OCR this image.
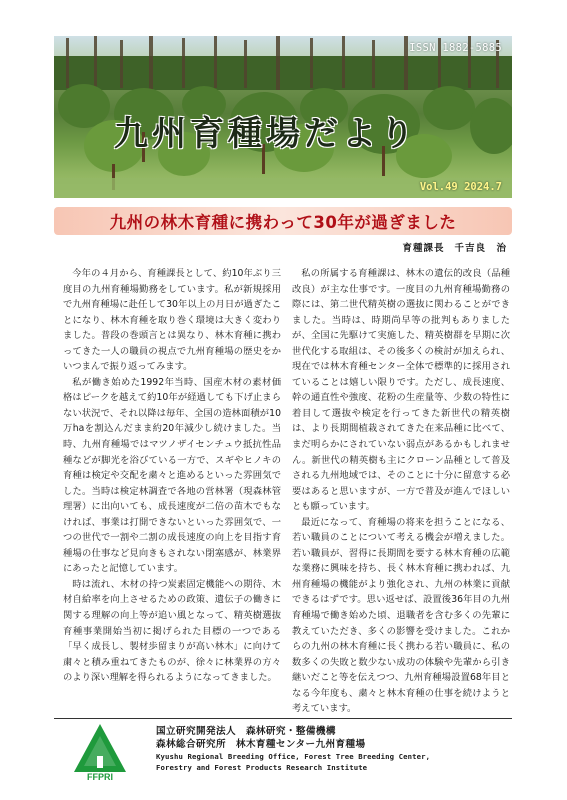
ISSN 1882-5885
九州育種場だより
Vol.49 2024.7
九州の林木育種に携わって30年が過ぎました
育種課長 千吉良　治

今年の４月から、育種課長として、約10年ぶり三度目の九州育種場勤務をしています。私が新規採用で九州育種場に赴任して30年以上の月日が過ぎたことになり、林木育種を取り巻く環境は大きく変わりました。普段の巻頭言とは異なり、林木育種に携わってきた一人の職員の視点で九州育種場の歴史をかいつまんで振り返ってみます。

私が働き始めた1992年当時、国産木材の素材価格はピークを越えて約10年が経過しても下げ止まらない状況で、それ以降は毎年、全国の造林面積が10万haを割込んだまま約20年減少し続けました。当時、九州育種場ではマツノザイセンチュウ抵抗性品種などが脚光を浴びている一方で、スギやヒノキの育種は検定や交配を粛々と進めるといった雰囲気でした。当時は検定林調査で各地の営林署（現森林管理署）に出向いても、成長速度が二倍の苗木でもなければ、事業は打開できないといった雰囲気で、一つの世代で一割や二割の成長速度の向上を目指す育種場の仕事など見向きもされない閉塞感が、林業界にあったと記憶しています。

時は流れ、木材の持つ炭素固定機能への期待、木材自給率を向上させるための政策、遺伝子の働きに関する理解の向上等が追い風となって、精英樹選抜育種事業開始当初に掲げられた目標の一つである「早く成長し、製材歩留まりが高い林木」に向けて粛々と積み重ねてきたものが、徐々に林業界の方々のより深い理解を得られるようになってきました。

私の所属する育種課は、林木の遺伝的改良（品種改良）が主な仕事です。一度目の九州育種場勤務の際には、第二世代精英樹の選抜に関わることができました。当時は、時期尚早等の批判もありましたが、全国に先駆けて実施した、精英樹群を早期に次世代化する取組は、その後多くの検討が加えられ、現在では林木育種センター全体で標準的に採用されていることは嬉しい限りです。ただし、成長速度、幹の通直性や強度、花粉の生産量等、少数の特性に着目して選抜や検定を行ってきた新世代の精英樹は、より長期間植栽されてきた在来品種に比べて、まだ明らかにされていない弱点があるかもしれません。新世代の精英樹も主にクローン品種として普及される九州地域では、そのことに十分に留意する必要はあると思いますが、一方で普及が進んでほしいとも願っています。

最近になって、育種場の将来を担うことになる、若い職員のことについて考える機会が増えました。若い職員が、習得に長期間を要する林木育種の広範な業務に興味を持ち、長く林木育種に携われば、九州育種場の機能がより強化され、九州の林業に貢献できるはずです。思い返せば、設置後36年目の九州育種場で働き始めた頃、退職者を含む多くの先輩に教えていただき、多くの影響を受けました。これからの九州の林木育種に長く携わる若い職員に、私の数多くの失敗と数少ない成功の体験や先輩から引き継いだこと等を伝えつつ、九州育種場設置68年目となる今年度も、粛々と林木育種の仕事を続けようと考えています。

FFPRI
国立研究開発法人　森林研究・整備機構
森林総合研究所　林木育種センター九州育種場
Kyushu Regional Breeding Office, Forest Tree Breeding Center,
Forestry and Forest Products Research Institute
